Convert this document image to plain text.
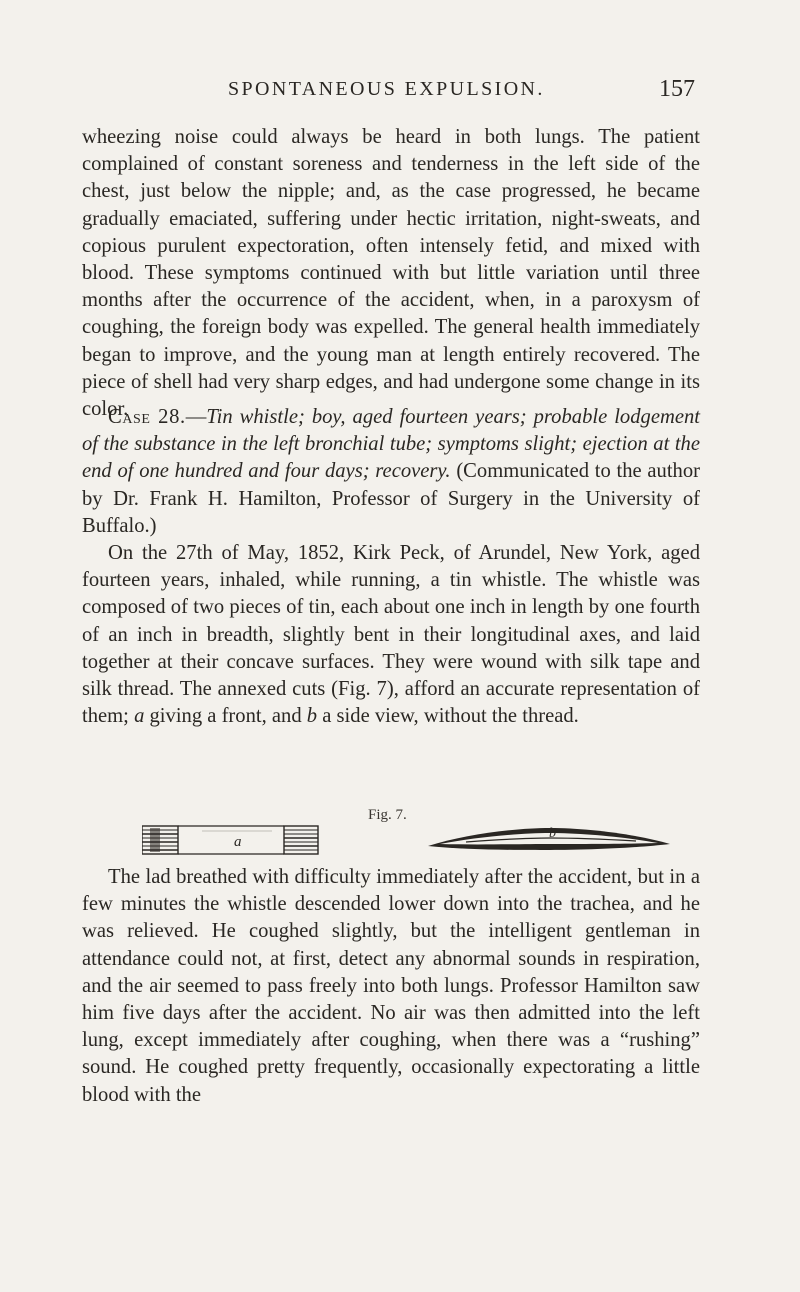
SPONTANEOUS EXPULSION.	157

wheezing noise could always be heard in both lungs. The patient complained of constant soreness and tenderness in the left side of the chest, just below the nipple; and, as the case progressed, he became gradually emaciated, suffering under hectic irritation, night-sweats, and copious purulent expectoration, often intensely fetid, and mixed with blood. These symptoms continued with but little variation until three months after the occurrence of the accident, when, in a paroxysm of coughing, the foreign body was expelled. The general health immediately began to improve, and the young man at length entirely recovered. The piece of shell had very sharp edges, and had undergone some change in its color.

Case 28.—Tin whistle; boy, aged fourteen years; probable lodgement of the substance in the left bronchial tube; symptoms slight; ejection at the end of one hundred and four days; recovery. (Communicated to the author by Dr. Frank H. Hamilton, Professor of Surgery in the University of Buffalo.)

On the 27th of May, 1852, Kirk Peck, of Arundel, New York, aged fourteen years, inhaled, while running, a tin whistle. The whistle was composed of two pieces of tin, each about one inch in length by one fourth of an inch in breadth, slightly bent in their longitudinal axes, and laid together at their concave surfaces. They were wound with silk tape and silk thread. The annexed cuts (Fig. 7), afford an accurate representation of them; a giving a front, and b a side view, without the thread.

Fig. 7.
a
b

The lad breathed with difficulty immediately after the accident, but in a few minutes the whistle descended lower down into the trachea, and he was relieved. He coughed slightly, but the intelligent gentleman in attendance could not, at first, detect any abnormal sounds in respiration, and the air seemed to pass freely into both lungs. Professor Hamilton saw him five days after the accident. No air was then admitted into the left lung, except immediately after coughing, when there was a “rushing” sound. He coughed pretty frequently, occasionally expectorating a little blood with the
